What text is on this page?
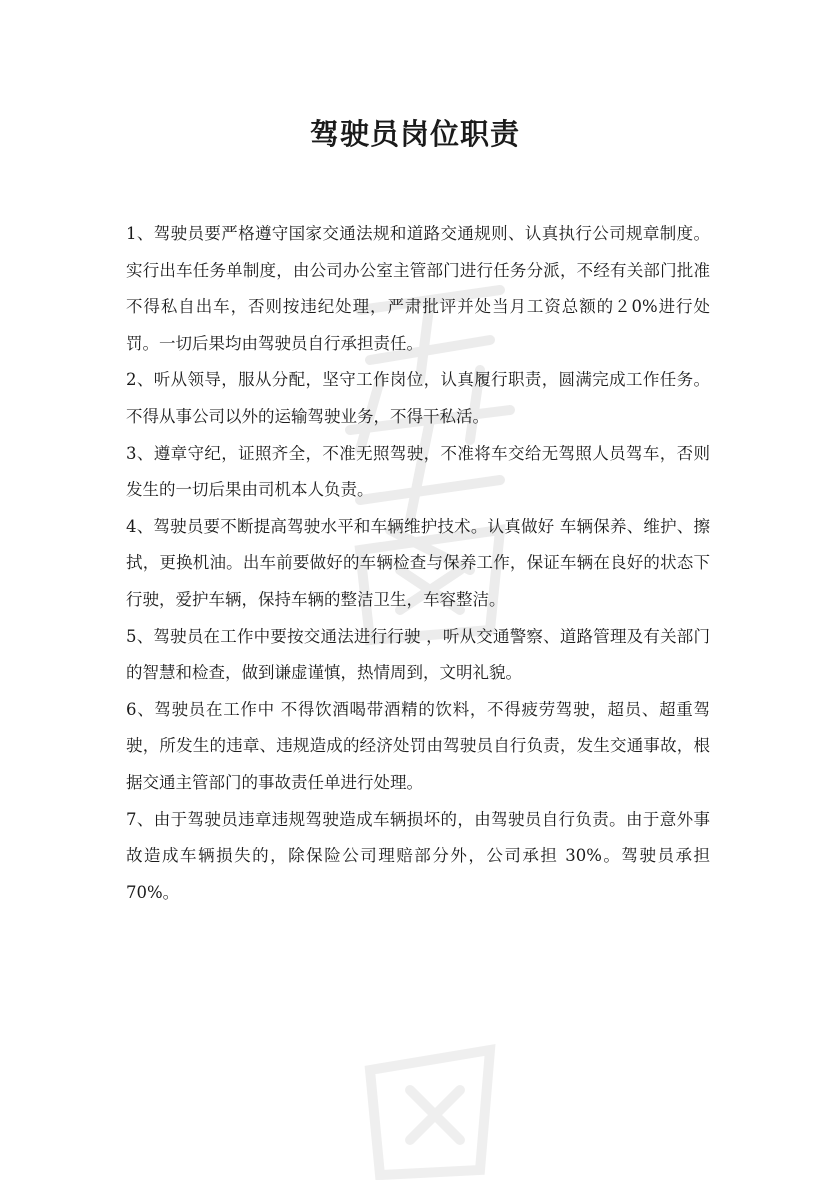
驾驶员岗位职责

1、驾驶员要严格遵守国家交通法规和道路交通规则、认真执行公司规章制度。实行出车任务单制度，由公司办公室主管部门进行任务分派，不经有关部门批准不得私自出车，否则按违纪处理，严肃批评并处当月工资总额的２0%进行处罚。一切后果均由驾驶员自行承担责任。

2、听从领导，服从分配，坚守工作岗位，认真履行职责，圆满完成工作任务。不得从事公司以外的运输驾驶业务，不得干私活。

3、遵章守纪，证照齐全，不准无照驾驶，不准将车交给无驾照人员驾车，否则 发生的一切后果由司机本人负责。

4、驾驶员要不断提高驾驶水平和车辆维护技术。认真做好 车辆保养、维护、擦拭，更换机油。出车前要做好的车辆检查与保养工作，保证车辆在良好的状态下行驶，爱护车辆，保持车辆的整洁卫生，车容整洁。

5、驾驶员在工作中要按交通法进行行驶 ，听从交通警察、道路管理及有关部门的智慧和检查，做到谦虚谨慎，热情周到，文明礼貌。

6、驾驶员在工作中 不得饮酒喝带酒精的饮料，不得疲劳驾驶，超员、超重驾驶，所发生的违章、违规造成的经济处罚由驾驶员自行负责，发生交通事故，根据交通主管部门的事故责任单进行处理。

7、由于驾驶员违章违规驾驶造成车辆损坏的，由驾驶员自行负责。由于意外事故造成车辆损失的，除保险公司理赔部分外，公司承担 30%。驾驶员承担 70%。
